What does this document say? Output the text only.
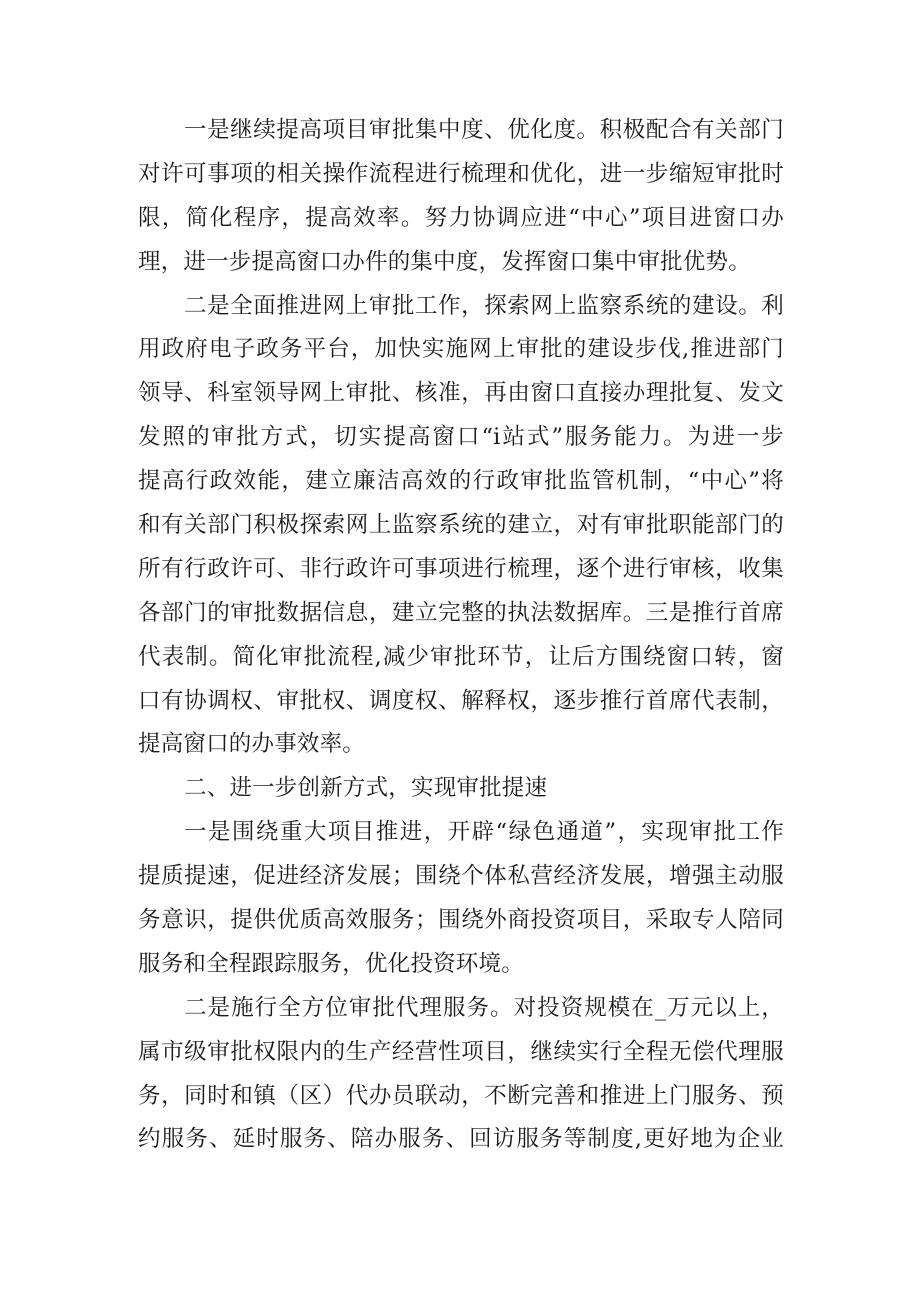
一是继续提高项目审批集中度、优化度。积极配合有关部门
对许可事项的相关操作流程进行梳理和优化，进一步缩短审批时
限，简化程序，提高效率。努力协调应进“中心”项目进窗口办
理，进一步提高窗口办件的集中度，发挥窗口集中审批优势。
二是全面推进网上审批工作，探索网上监察系统的建设。利
用政府电子政务平台，加快实施网上审批的建设步伐,推进部门
领导、科室领导网上审批、核准，再由窗口直接办理批复、发文
发照的审批方式，切实提高窗口“i站式”服务能力。为进一步
提高行政效能，建立廉洁高效的行政审批监管机制，“中心”将
和有关部门积极探索网上监察系统的建立，对有审批职能部门的
所有行政许可、非行政许可事项进行梳理，逐个进行审核，收集
各部门的审批数据信息，建立完整的执法数据库。三是推行首席
代表制。简化审批流程,减少审批环节，让后方围绕窗口转，窗
口有协调权、审批权、调度权、解释权，逐步推行首席代表制，
提高窗口的办事效率。
二、进一步创新方式，实现审批提速
一是围绕重大项目推进，开辟“绿色通道”，实现审批工作
提质提速，促进经济发展；围绕个体私营经济发展，增强主动服
务意识，提供优质高效服务；围绕外商投资项目，采取专人陪同
服务和全程跟踪服务，优化投资环境。
二是施行全方位审批代理服务。对投资规模在_万元以上，
属市级审批权限内的生产经营性项目，继续实行全程无偿代理服
务，同时和镇（区）代办员联动，不断完善和推进上门服务、预
约服务、延时服务、陪办服务、回访服务等制度,更好地为企业
